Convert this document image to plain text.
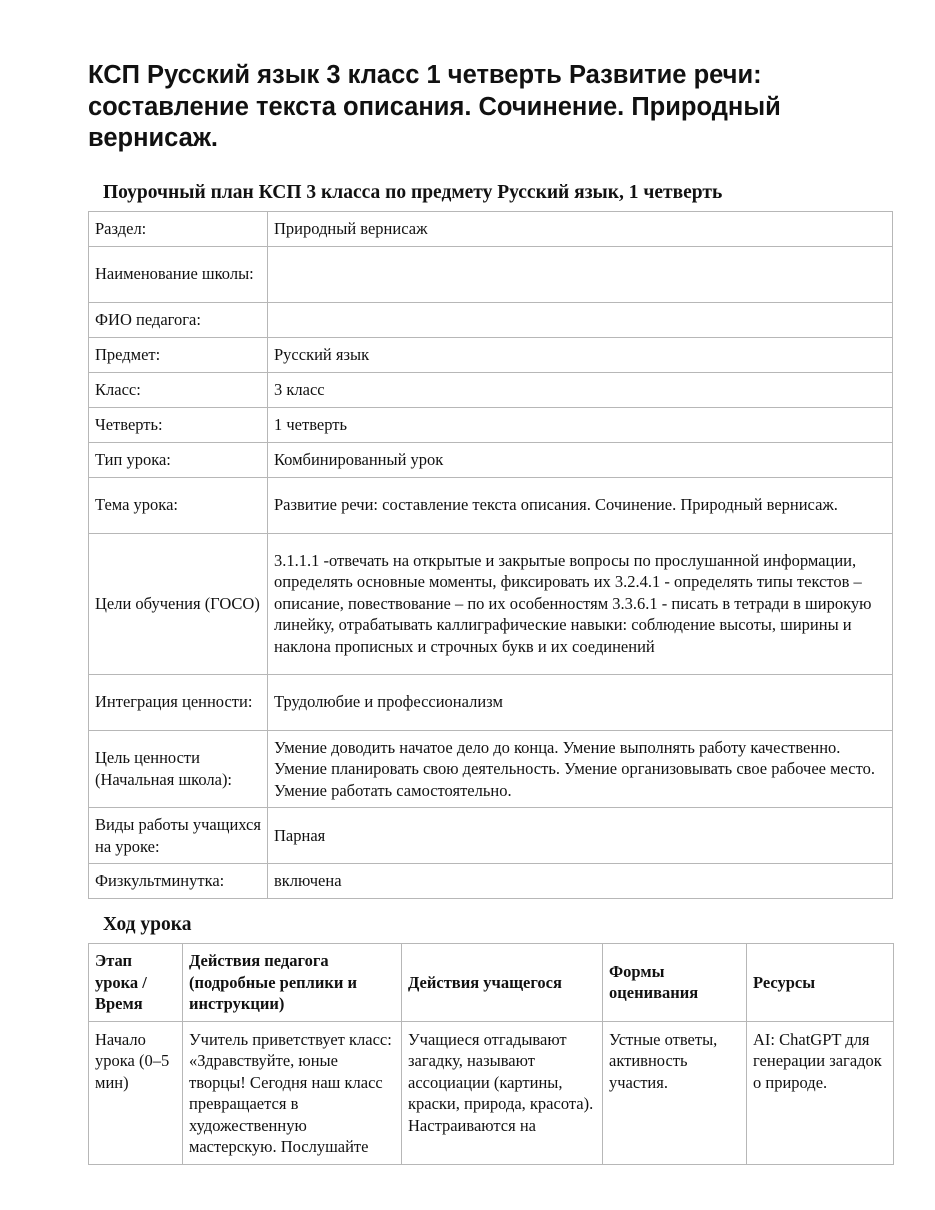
КСП Русский язык 3 класс 1 четверть Развитие речи: составление текста описания. Сочинение. Природный вернисаж.
Поурочный план КСП 3 класса по предмету Русский язык, 1 четверть
Раздел:	Природный вернисаж
Наименование школы:	
ФИО педагога:	
Предмет:	Русский язык
Класс:	3 класс
Четверть:	1 четверть
Тип урока:	Комбинированный урок
Тема урока:	Развитие речи: составление текста описания. Сочинение. Природный вернисаж.
Цели обучения (ГОСО)	3.1.1.1 -отвечать на открытые и закрытые вопросы по прослушанной информации, определять основные моменты, фиксировать их 3.2.4.1 - определять типы текстов – описание, повествование – по их особенностям 3.3.6.1 - писать в тетради в широкую линейку, отрабатывать каллиграфические навыки: соблюдение высоты, ширины и наклона прописных и строчных букв и их соединений
Интеграция ценности:	Трудолюбие и профессионализм
Цель ценности (Начальная школа):	Умение доводить начатое дело до конца. Умение выполнять работу качественно. Умение планировать свою деятельность. Умение организовывать свое рабочее место. Умение работать самостоятельно.
Виды работы учащихся на уроке:	Парная
Физкультминутка:	включена
Ход урока
Этап урока / Время	Действия педагога (подробные реплики и инструкции)	Действия учащегося	Формы оценивания	Ресурсы
Начало урока (0–5 мин)	Учитель приветствует класс: «Здравствуйте, юные творцы! Сегодня наш класс превращается в художественную мастерскую. Послушайте	Учащиеся отгадывают загадку, называют ассоциации (картины, краски, природа, красота). Настраиваются на	Устные ответы, активность участия.	AI: ChatGPT для генерации загадок о природе.
